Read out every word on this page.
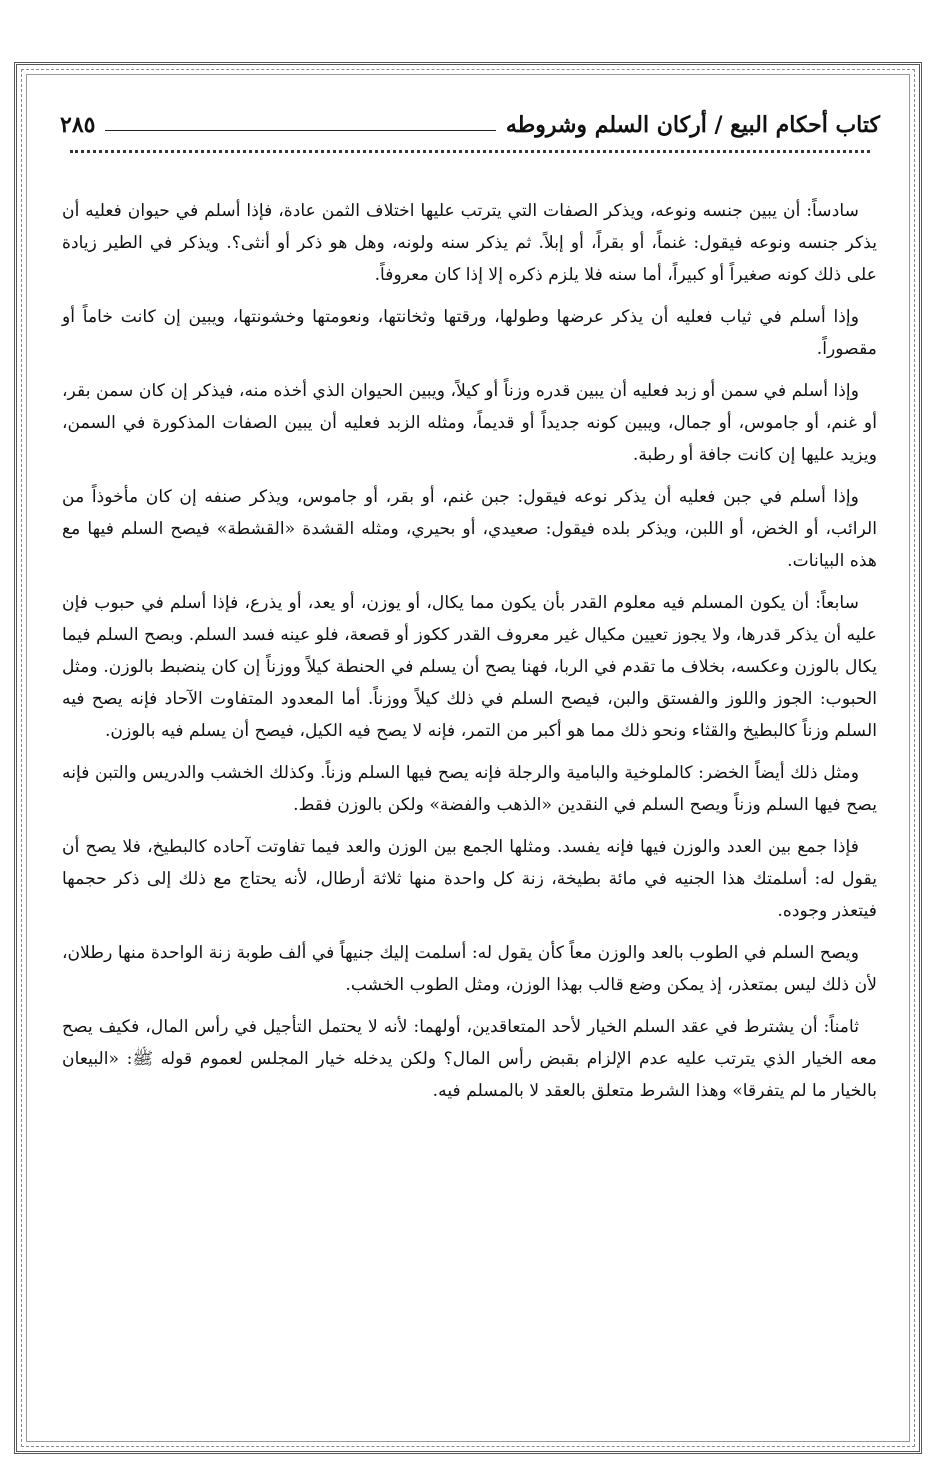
كتاب أحكام البيع / أركان السلم وشروطه
٢٨٥

سادساً: أن يبين جنسه ونوعه، ويذكر الصفات التي يترتب عليها اختلاف الثمن عادة، فإذا أسلم في حيوان فعليه أن يذكر جنسه ونوعه فيقول: غنماً، أو بقراً، أو إبلاً. ثم يذكر سنه ولونه، وهل هو ذكر أو أنثى؟. ويذكر في الطير زيادة على ذلك كونه صغيراً أو كبيراً، أما سنه فلا يلزم ذكره إلا إذا كان معروفاً.

وإذا أسلم في ثياب فعليه أن يذكر عرضها وطولها، ورقتها وثخانتها، ونعومتها وخشونتها، ويبين إن كانت خاماً أو مقصوراً.

وإذا أسلم في سمن أو زبد فعليه أن يبين قدره وزناً أو كيلاً، ويبين الحيوان الذي أخذه منه، فيذكر إن كان سمن بقر، أو غنم، أو جاموس، أو جمال، ويبين كونه جديداً أو قديماً، ومثله الزبد فعليه أن يبين الصفات المذكورة في السمن، ويزيد عليها إن كانت جافة أو رطبة.

وإذا أسلم في جبن فعليه أن يذكر نوعه فيقول: جبن غنم، أو بقر، أو جاموس، ويذكر صنفه إن كان مأخوذاً من الرائب، أو الخض، أو اللبن، ويذكر بلده فيقول: صعيدي، أو بحيري، ومثله القشدة «القشطة» فيصح السلم فيها مع هذه البيانات.

سابعاً: أن يكون المسلم فيه معلوم القدر بأن يكون مما يكال، أو يوزن، أو يعد، أو يذرع، فإذا أسلم في حبوب فإن عليه أن يذكر قدرها، ولا يجوز تعيين مكيال غير معروف القدر ككوز أو قصعة، فلو عينه فسد السلم. وبصح السلم فيما يكال بالوزن وعكسه، بخلاف ما تقدم في الربا، فهنا يصح أن يسلم في الحنطة كيلاً ووزناً إن كان ينضبط بالوزن. ومثل الحبوب: الجوز واللوز والفستق والبن، فيصح السلم في ذلك كيلاً ووزناً. أما المعدود المتفاوت الآحاد فإنه يصح فيه السلم وزناً كالبطيخ والقثاء ونحو ذلك مما هو أكبر من التمر، فإنه لا يصح فيه الكيل، فيصح أن يسلم فيه بالوزن.

ومثل ذلك أيضاً الخضر: كالملوخية والبامية والرجلة فإنه يصح فيها السلم وزناً. وكذلك الخشب والدريس والتبن فإنه يصح فيها السلم وزناً ويصح السلم في النقدين «الذهب والفضة» ولكن بالوزن فقط.

فإذا جمع بين العدد والوزن فيها فإنه يفسد. ومثلها الجمع بين الوزن والعد فيما تفاوتت آحاده كالبطيخ، فلا يصح أن يقول له: أسلمتك هذا الجنيه في مائة بطيخة، زنة كل واحدة منها ثلاثة أرطال، لأنه يحتاج مع ذلك إلى ذكر حجمها فيتعذر وجوده.

ويصح السلم في الطوب بالعد والوزن معاً كأن يقول له: أسلمت إليك جنيهاً في ألف طوبة زنة الواحدة منها رطلان، لأن ذلك ليس بمتعذر، إذ يمكن وضع قالب بهذا الوزن، ومثل الطوب الخشب.

ثامناً: أن يشترط في عقد السلم الخيار لأحد المتعاقدين، أولهما: لأنه لا يحتمل التأجيل في رأس المال، فكيف يصح معه الخيار الذي يترتب عليه عدم الإلزام بقبض رأس المال؟ ولكن يدخله خيار المجلس لعموم قوله ﷺ: «البيعان بالخيار ما لم يتفرقا» وهذا الشرط متعلق بالعقد لا بالمسلم فيه.
